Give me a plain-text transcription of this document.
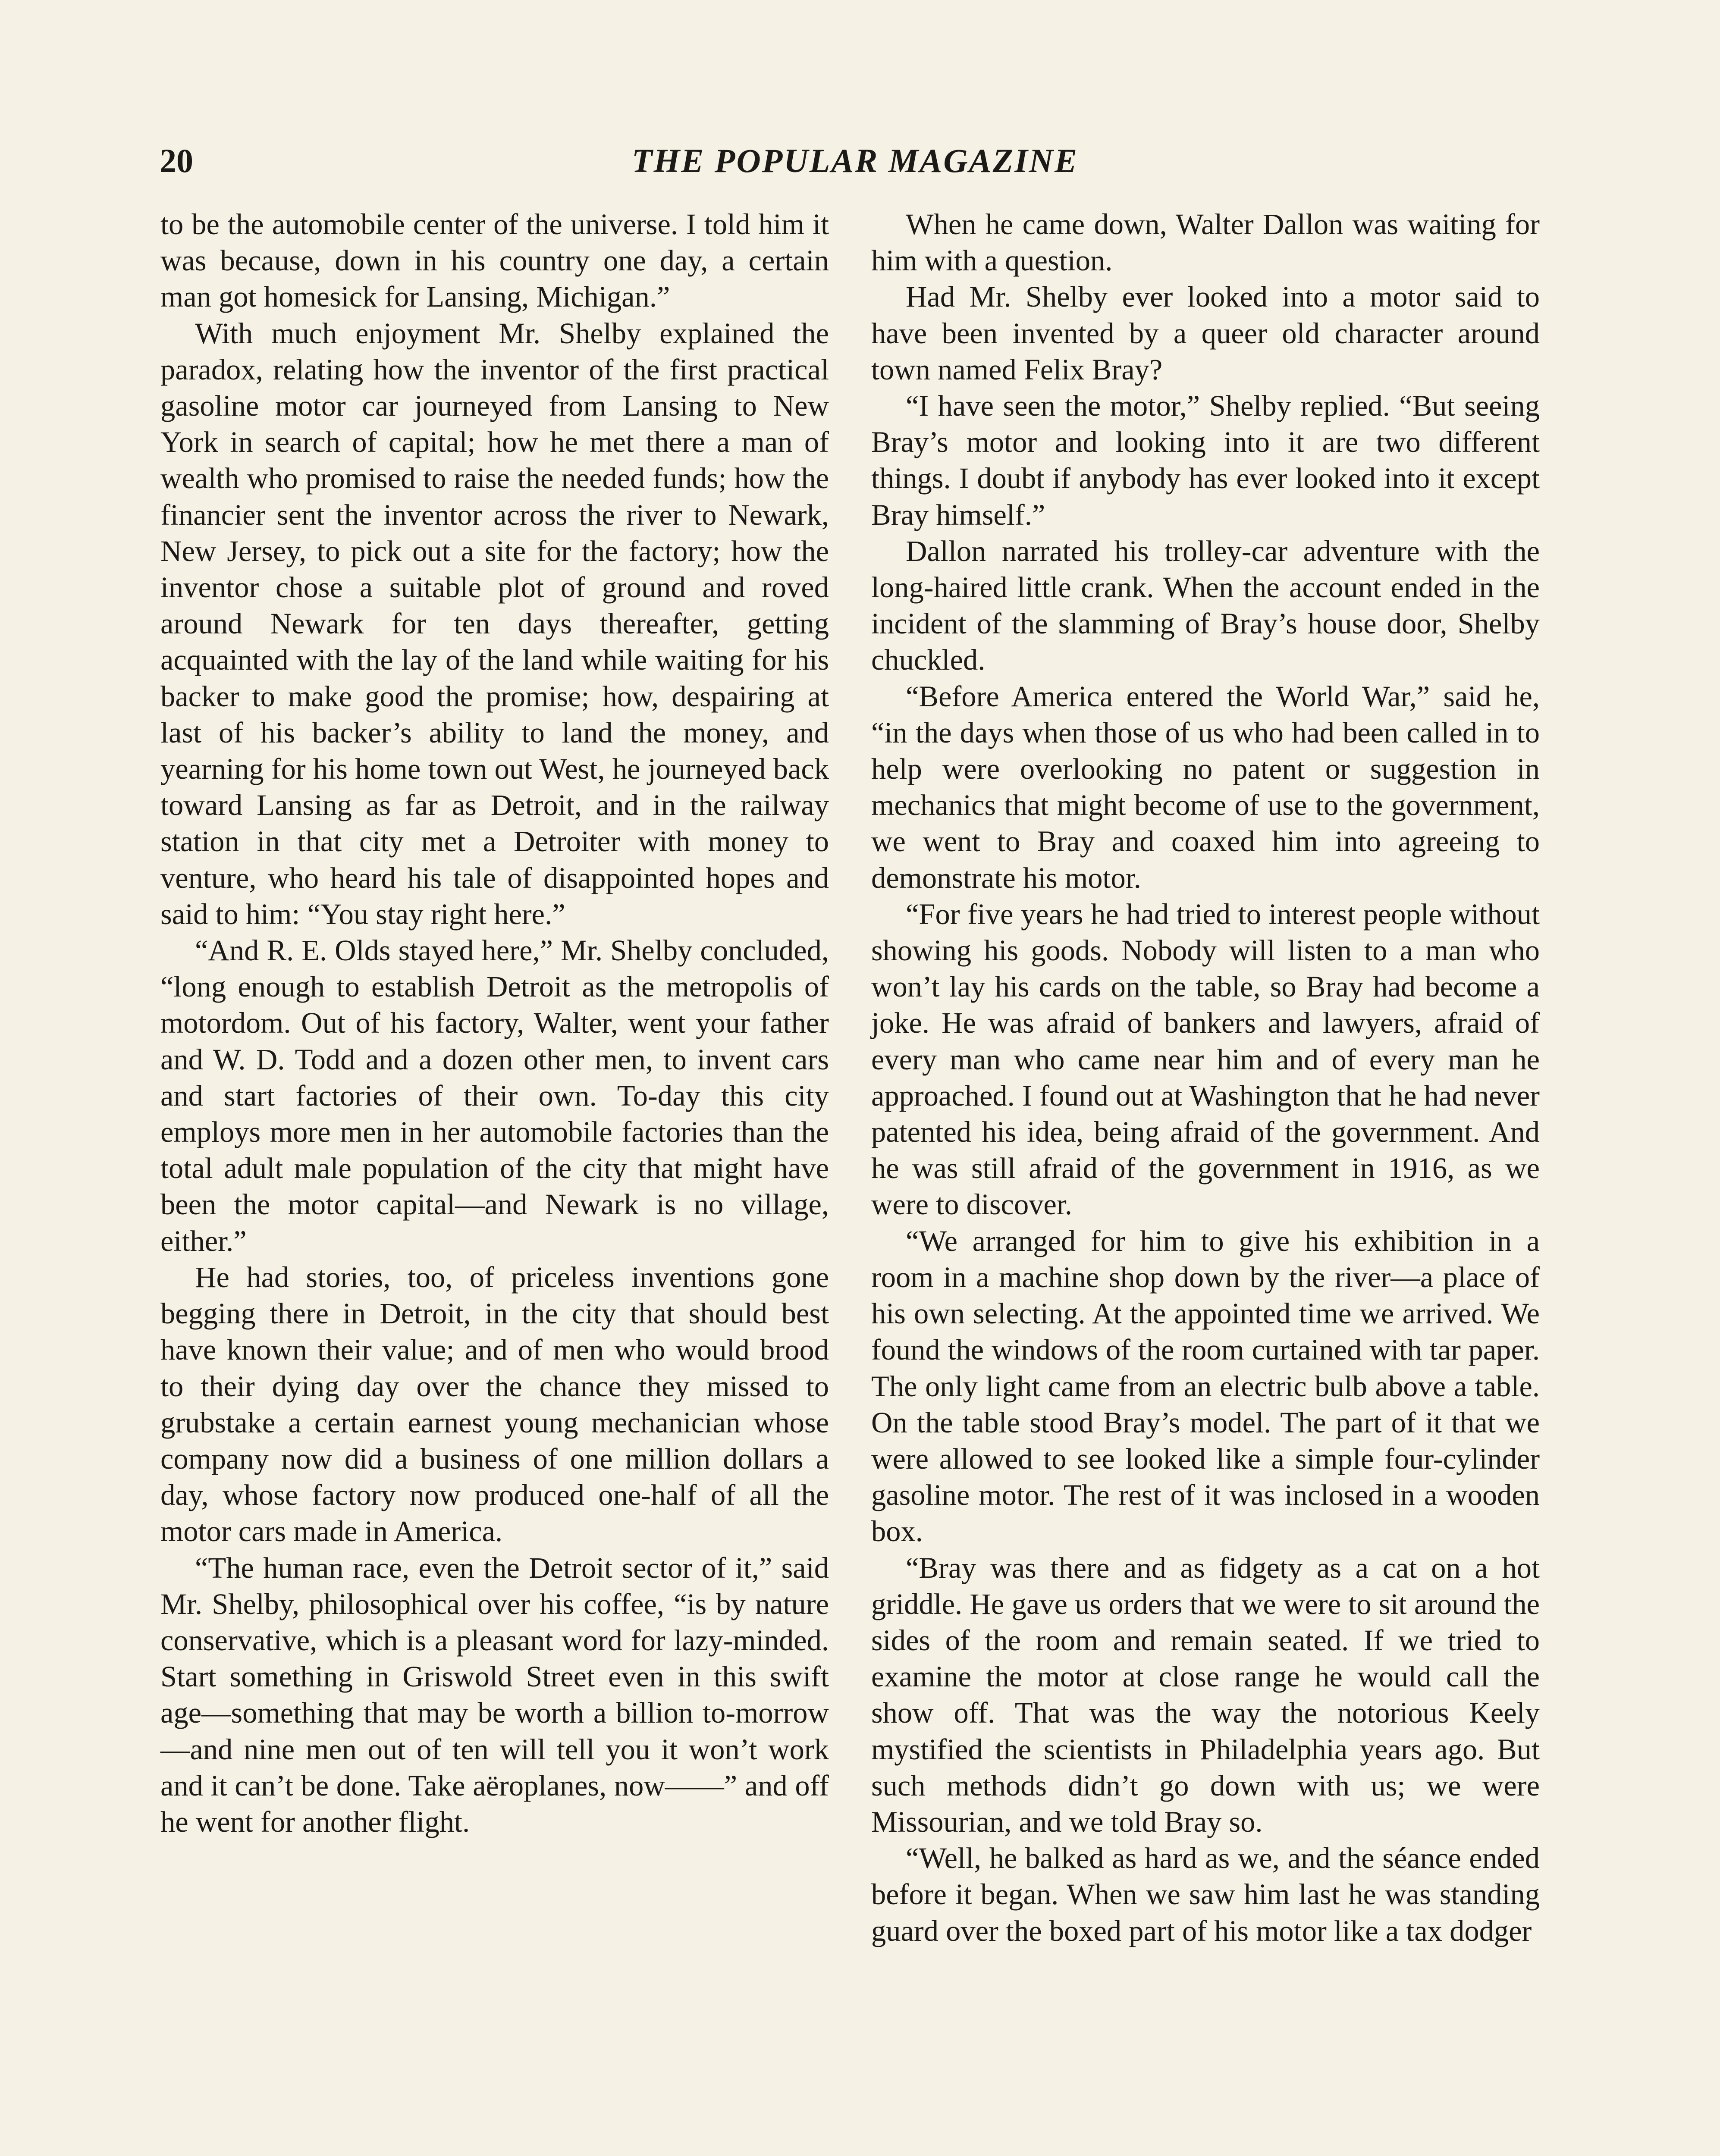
20	THE POPULAR MAGAZINE

to be the automobile center of the universe. I told him it was because, down in his country one day, a certain man got homesick for Lansing, Michigan.”

With much enjoyment Mr. Shelby explained the paradox, relating how the inventor of the first practical gasoline motor car journeyed from Lansing to New York in search of capital; how he met there a man of wealth who promised to raise the needed funds; how the financier sent the inventor across the river to Newark, New Jersey, to pick out a site for the factory; how the inventor chose a suitable plot of ground and roved around Newark for ten days thereafter, getting acquainted with the lay of the land while waiting for his backer to make good the promise; how, despairing at last of his backer’s ability to land the money, and yearning for his home town out West, he journeyed back toward Lansing as far as Detroit, and in the railway station in that city met a Detroiter with money to venture, who heard his tale of disappointed hopes and said to him: “You stay right here.”

“And R. E. Olds stayed here,” Mr. Shelby concluded, “long enough to establish Detroit as the metropolis of motordom. Out of his factory, Walter, went your father and W. D. Todd and a dozen other men, to invent cars and start factories of their own. To-day this city employs more men in her automobile factories than the total adult male population of the city that might have been the motor capital—and Newark is no village, either.”

He had stories, too, of priceless inventions gone begging there in Detroit, in the city that should best have known their value; and of men who would brood to their dying day over the chance they missed to grubstake a certain earnest young mechanician whose company now did a business of one million dollars a day, whose factory now produced one-half of all the motor cars made in America.

“The human race, even the Detroit sector of it,” said Mr. Shelby, philosophical over his coffee, “is by nature conservative, which is a pleasant word for lazy-minded. Start something in Griswold Street even in this swift age—something that may be worth a billion to-morrow—and nine men out of ten will tell you it won’t work and it can’t be done. Take aëroplanes, now——” and off he went for another flight.

When he came down, Walter Dallon was waiting for him with a question.

Had Mr. Shelby ever looked into a motor said to have been invented by a queer old character around town named Felix Bray?

“I have seen the motor,” Shelby replied. “But seeing Bray’s motor and looking into it are two different things. I doubt if anybody has ever looked into it except Bray himself.”

Dallon narrated his trolley-car adventure with the long-haired little crank. When the account ended in the incident of the slamming of Bray’s house door, Shelby chuckled.

“Before America entered the World War,” said he, “in the days when those of us who had been called in to help were overlooking no patent or suggestion in mechanics that might become of use to the government, we went to Bray and coaxed him into agreeing to demonstrate his motor.

“For five years he had tried to interest people without showing his goods. Nobody will listen to a man who won’t lay his cards on the table, so Bray had become a joke. He was afraid of bankers and lawyers, afraid of every man who came near him and of every man he approached. I found out at Washington that he had never patented his idea, being afraid of the government. And he was still afraid of the government in 1916, as we were to discover.

“We arranged for him to give his exhibition in a room in a machine shop down by the river—a place of his own selecting. At the appointed time we arrived. We found the windows of the room curtained with tar paper. The only light came from an electric bulb above a table. On the table stood Bray’s model. The part of it that we were allowed to see looked like a simple four-cylinder gasoline motor. The rest of it was inclosed in a wooden box.

“Bray was there and as fidgety as a cat on a hot griddle. He gave us orders that we were to sit around the sides of the room and remain seated. If we tried to examine the motor at close range he would call the show off. That was the way the notorious Keely mystified the scientists in Philadelphia years ago. But such methods didn’t go down with us; we were Missourian, and we told Bray so.

“Well, he balked as hard as we, and the séance ended before it began. When we saw him last he was standing guard over the boxed part of his motor like a tax dodger
